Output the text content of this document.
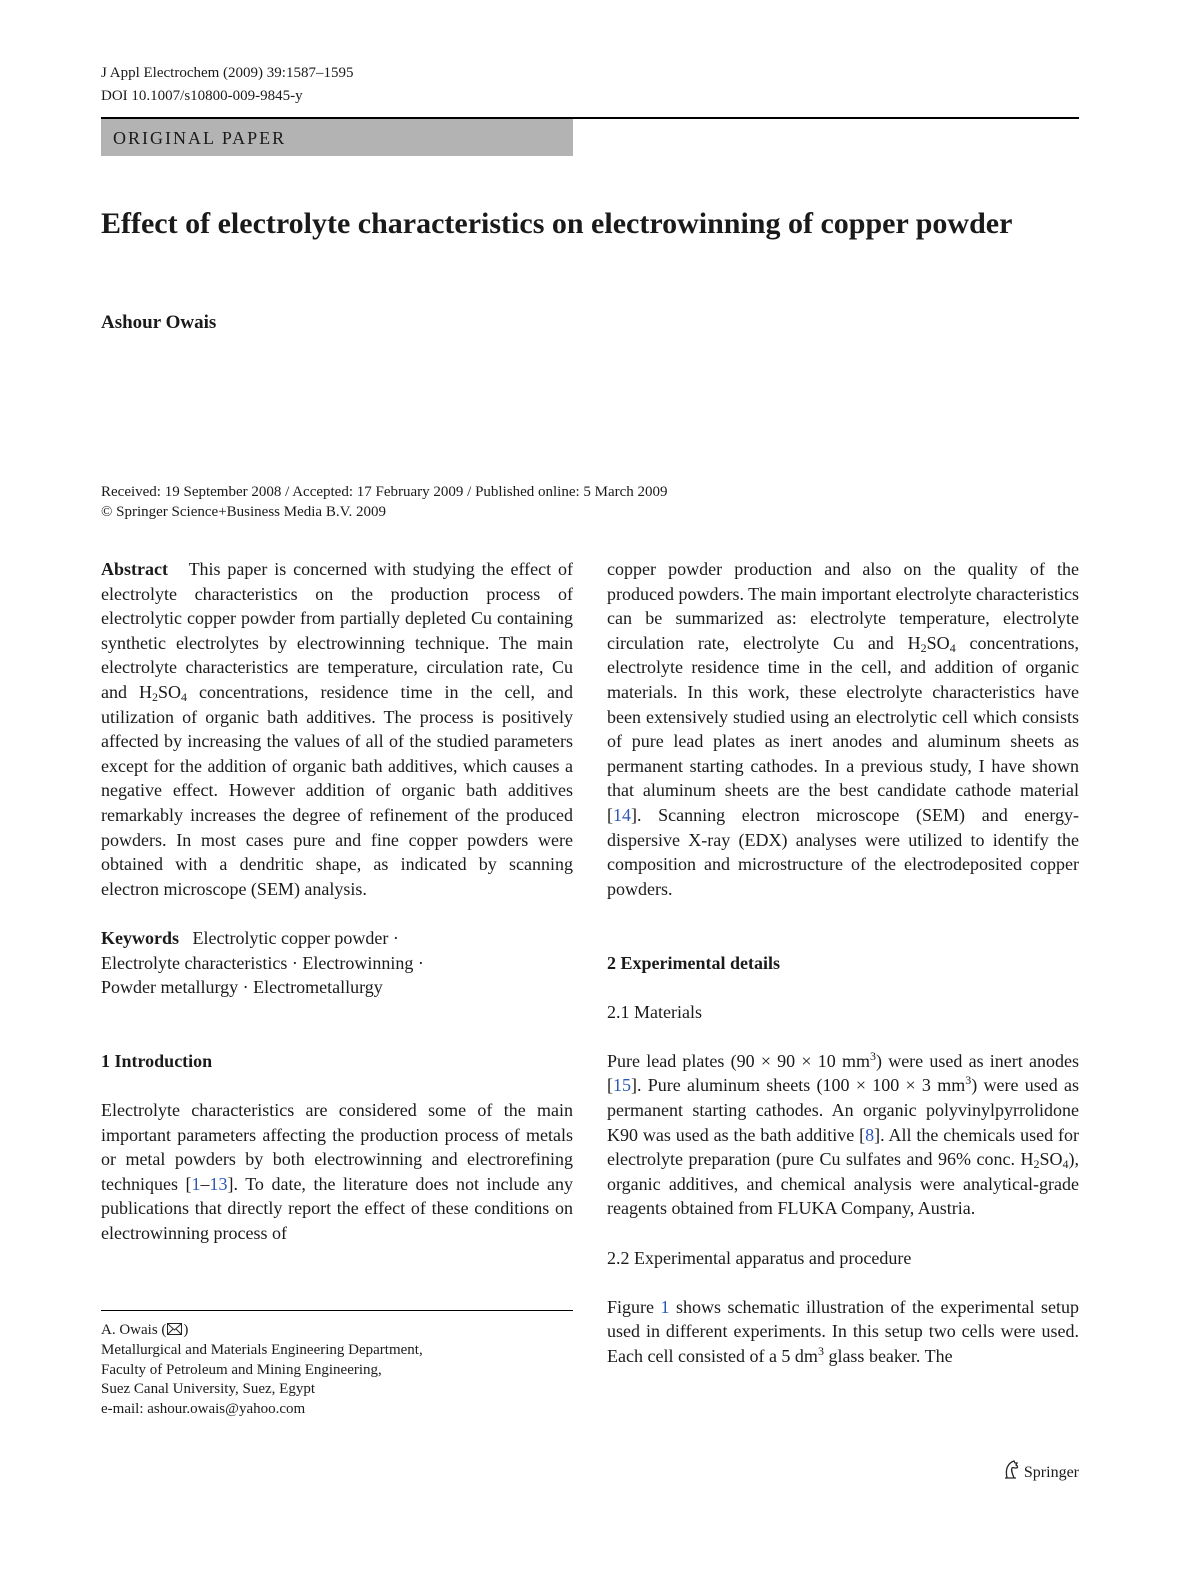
J Appl Electrochem (2009) 39:1587–1595
DOI 10.1007/s10800-009-9845-y
ORIGINAL PAPER
Effect of electrolyte characteristics on electrowinning of copper powder
Ashour Owais
Received: 19 September 2008 / Accepted: 17 February 2009 / Published online: 5 March 2009
© Springer Science+Business Media B.V. 2009

Abstract This paper is concerned with studying the effect of electrolyte characteristics on the production process of electrolytic copper powder from partially depleted Cu containing synthetic electrolytes by electrowinning technique. The main electrolyte characteristics are temperature, circulation rate, Cu and $H_2SO_4$ concentrations, residence time in the cell, and utilization of organic bath additives. The process is positively affected by increasing the values of all of the studied parameters except for the addition of organic bath additives, which causes a negative effect. However addition of organic bath additives remarkably increases the degree of refinement of the produced powders. In most cases pure and fine copper powders were obtained with a dendritic shape, as indicated by scanning electron microscope (SEM) analysis.

Keywords Electrolytic copper powder ·
Electrolyte characteristics · Electrowinning ·
Powder metallurgy · Electrometallurgy

1 Introduction

Electrolyte characteristics are considered some of the main important parameters affecting the production process of metals or metal powders by both electrowinning and electrorefining techniques [1–13]. To date, the literature does not include any publications that directly report the effect of these conditions on electrowinning process of

A. Owais ( )
Metallurgical and Materials Engineering Department,
Faculty of Petroleum and Mining Engineering,
Suez Canal University, Suez, Egypt
e-mail: ashour.owais@yahoo.com

copper powder production and also on the quality of the produced powders. The main important electrolyte characteristics can be summarized as: electrolyte temperature, electrolyte circulation rate, electrolyte Cu and $H_2SO_4$ concentrations, electrolyte residence time in the cell, and addition of organic materials. In this work, these electrolyte characteristics have been extensively studied using an electrolytic cell which consists of pure lead plates as inert anodes and aluminum sheets as permanent starting cathodes. In a previous study, I have shown that aluminum sheets are the best candidate cathode material [14]. Scanning electron microscope (SEM) and energy-dispersive X-ray (EDX) analyses were utilized to identify the composition and microstructure of the electrodeposited copper powders.

2 Experimental details

2.1 Materials

Pure lead plates (90 × 90 × 10 $mm^3$) were used as inert anodes [15]. Pure aluminum sheets (100 × 100 × 3 $mm^3$) were used as permanent starting cathodes. An organic polyvinylpyrrolidone K90 was used as the bath additive [8]. All the chemicals used for electrolyte preparation (pure Cu sulfates and 96% conc. $H_2SO_4$), organic additives, and chemical analysis were analytical-grade reagents obtained from FLUKA Company, Austria.

2.2 Experimental apparatus and procedure

Figure 1 shows schematic illustration of the experimental setup used in different experiments. In this setup two cells were used. Each cell consisted of a 5 $dm^3$ glass beaker. The

Springer
